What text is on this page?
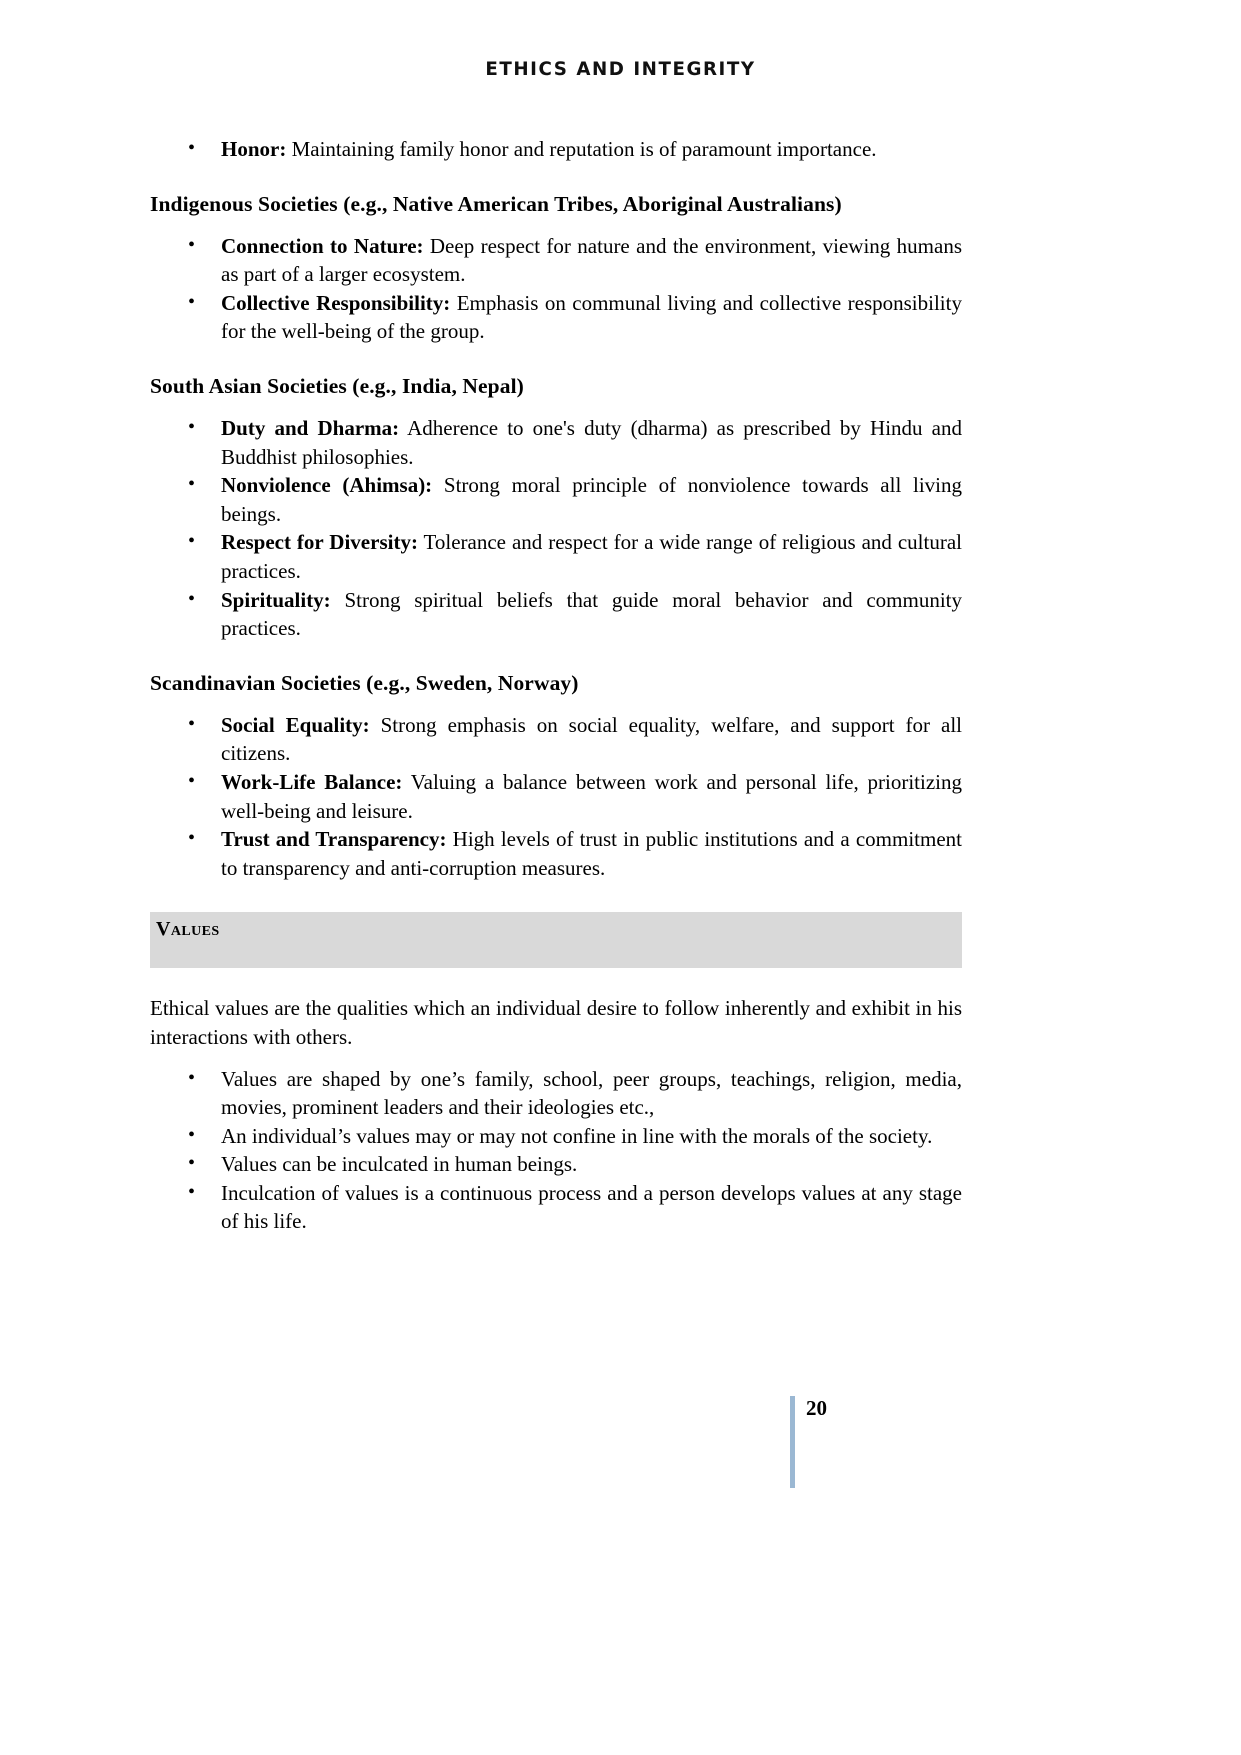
ETHICS AND INTEGRITY
• Honor: Maintaining family honor and reputation is of paramount importance.
Indigenous Societies (e.g., Native American Tribes, Aboriginal Australians)
• Connection to Nature: Deep respect for nature and the environment, viewing humans as part of a larger ecosystem.
• Collective Responsibility: Emphasis on communal living and collective responsibility for the well-being of the group.
South Asian Societies (e.g., India, Nepal)
• Duty and Dharma: Adherence to one's duty (dharma) as prescribed by Hindu and Buddhist philosophies.
• Nonviolence (Ahimsa): Strong moral principle of nonviolence towards all living beings.
• Respect for Diversity: Tolerance and respect for a wide range of religious and cultural practices.
• Spirituality: Strong spiritual beliefs that guide moral behavior and community practices.
Scandinavian Societies (e.g., Sweden, Norway)
• Social Equality: Strong emphasis on social equality, welfare, and support for all citizens.
• Work-Life Balance: Valuing a balance between work and personal life, prioritizing well-being and leisure.
• Trust and Transparency: High levels of trust in public institutions and a commitment to transparency and anti-corruption measures.
Values

Ethical values are the qualities which an individual desire to follow inherently and exhibit in his interactions with others.

• Values are shaped by one’s family, school, peer groups, teachings, religion, media, movies, prominent leaders and their ideologies etc.,
• An individual’s values may or may not confine in line with the morals of the society.
• Values can be inculcated in human beings.
• Inculcation of values is a continuous process and a person develops values at any stage of his life.
20
